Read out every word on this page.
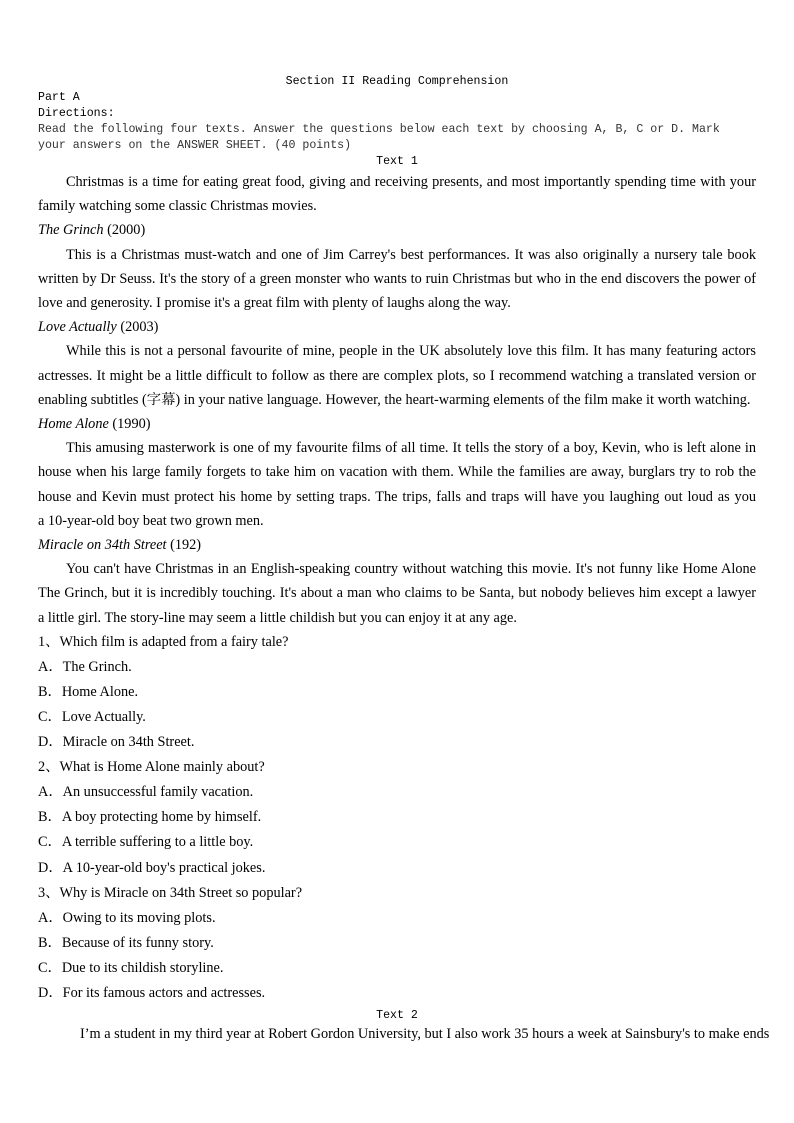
Section II Reading Comprehension
Part A
Directions:
Read the following four texts. Answer the questions below each text by choosing A, B, C or D. Mark
your answers on the ANSWER SHEET. (40 points)
Text 1
Christmas is a time for eating great food, giving and receiving presents, and most importantly spending time with your
family watching some classic Christmas movies.
The Grinch (2000)
This is a Christmas must-watch and one of Jim Carrey's best performances. It was also originally a nursery tale book
written by Dr Seuss. It's the story of a green monster who wants to ruin Christmas but who in the end discovers the power of
love and generosity. I promise it's a great film with plenty of laughs along the way.
Love Actually (2003)
While this is not a personal favourite of mine, people in the UK absolutely love this film. It has many featuring actors
actresses. It might be a little difficult to follow as there are complex plots, so I recommend watching a translated version or
enabling subtitles (字幕) in your native language. However, the heart-warming elements of the film make it worth watching.
Home Alone (1990)
This amusing masterwork is one of my favourite films of all time. It tells the story of a boy, Kevin, who is left alone in
house when his large family forgets to take him on vacation with them. While the families are away, burglars try to rob the
house and Kevin must protect his home by setting traps. The trips, falls and traps will have you laughing out loud as you
a 10-year-old boy beat two grown men.
Miracle on 34th Street (192)
You can't have Christmas in an English-speaking country without watching this movie. It's not funny like Home Alone
The Grinch, but it is incredibly touching. It's about a man who claims to be Santa, but nobody believes him except a lawyer
a little girl. The story-line may seem a little childish but you can enjoy it at any age.
1、Which film is adapted from a fairy tale?
A．The Grinch.
B．Home Alone.
C．Love Actually.
D．Miracle on 34th Street.
2、What is Home Alone mainly about?
A．An unsuccessful family vacation.
B．A boy protecting home by himself.
C．A terrible suffering to a little boy.
D．A 10-year-old boy's practical jokes.
3、Why is Miracle on 34th Street so popular?
A．Owing to its moving plots.
B．Because of its funny story.
C．Due to its childish storyline.
D．For its famous actors and actresses.
Text 2
I’m a student in my third year at Robert Gordon University, but I also work 35 hours a week at Sainsbury's to make ends
